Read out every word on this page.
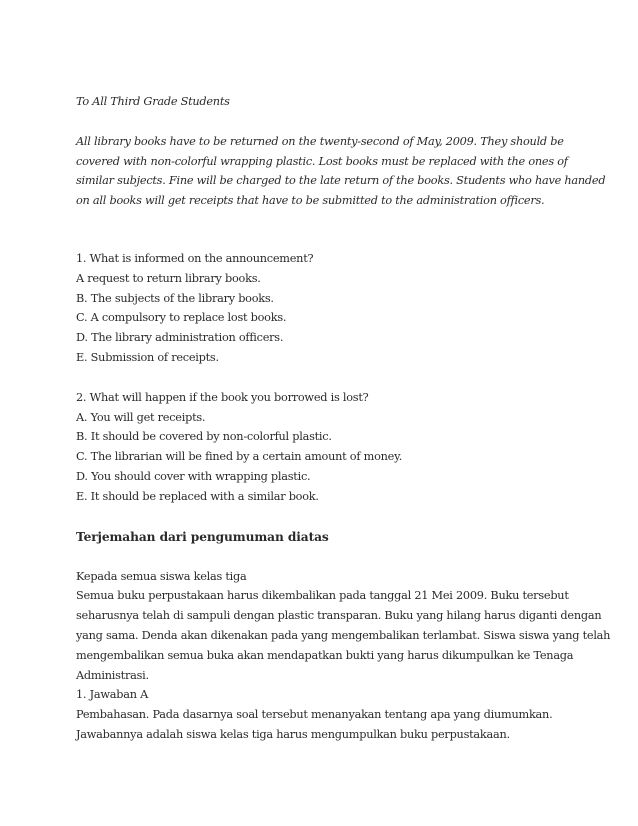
To All Third Grade Students
All library books have to be returned on the twenty-second of May, 2009. They should be
covered with non-colorful wrapping plastic. Lost books must be replaced with the ones of
similar subjects. Fine will be charged to the late return of the books. Students who have handed
on all books will get receipts that have to be submitted to the administration officers.
1. What is informed on the announcement?
A request to return library books.
B. The subjects of the library books.
C. A compulsory to replace lost books.
D. The library administration officers.
E. Submission of receipts.
2. What will happen if the book you borrowed is lost?
A. You will get receipts.
B. It should be covered by non-colorful plastic.
C. The librarian will be fined by a certain amount of money.
D. You should cover with wrapping plastic.
E. It should be replaced with a similar book.
Terjemahan dari pengumuman diatas
Kepada semua siswa kelas tiga
Semua buku perpustakaan harus dikembalikan pada tanggal 21 Mei 2009. Buku tersebut
seharusnya telah di sampuli dengan plastic transparan. Buku yang hilang harus diganti dengan
yang sama. Denda akan dikenakan pada yang mengembalikan terlambat. Siswa siswa yang telah
mengembalikan semua buka akan mendapatkan bukti yang harus dikumpulkan ke Tenaga
Administrasi.
1. Jawaban A
Pembahasan. Pada dasarnya soal tersebut menanyakan tentang apa yang diumumkan.
Jawabannya adalah siswa kelas tiga harus mengumpulkan buku perpustakaan.
